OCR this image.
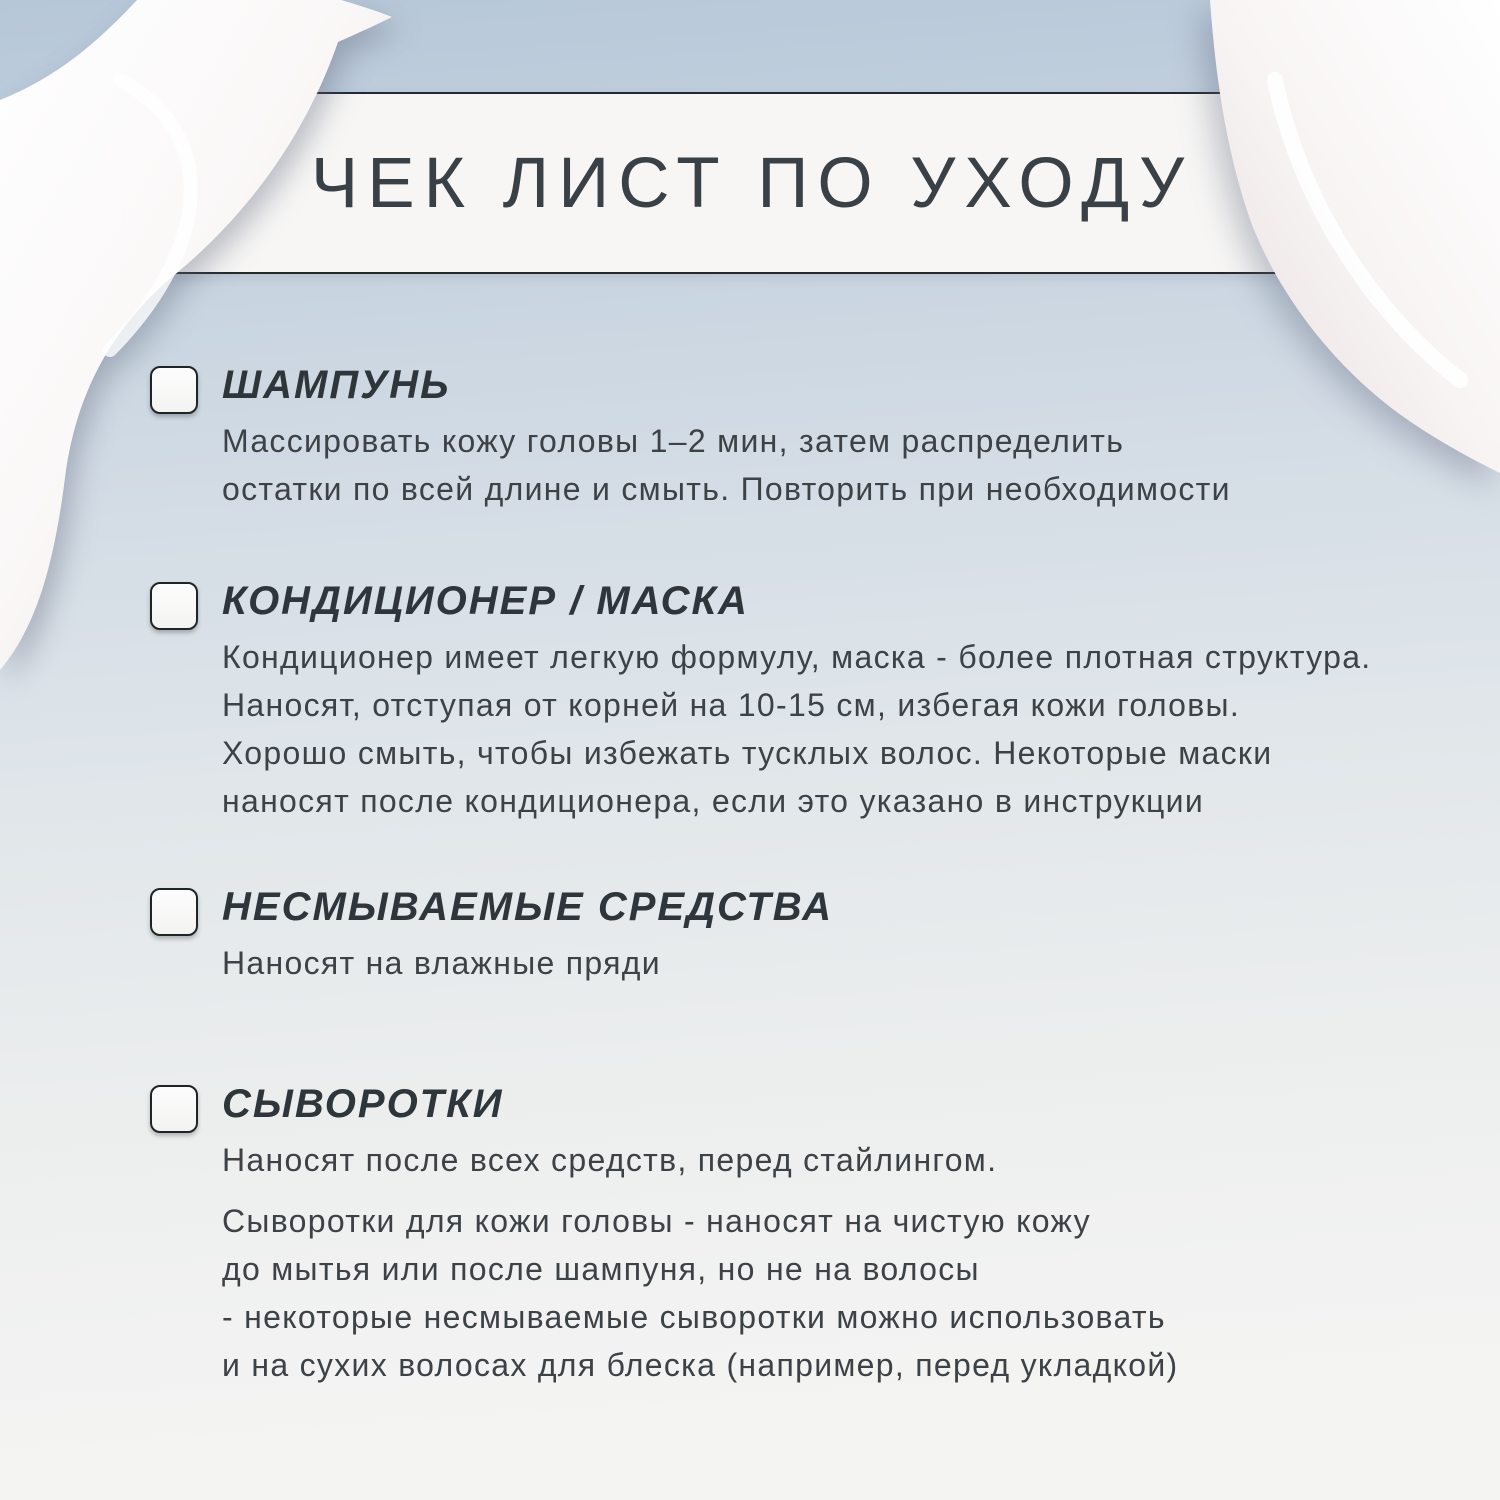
ЧЕК ЛИСТ ПО УХОДУ
ШАМПУНЬ
Массировать кожу головы 1–2 мин, затем распределить
остатки по всей длине и смыть. Повторить при необходимости
КОНДИЦИОНЕР / МАСКА
Кондиционер имеет легкую формулу, маска - более плотная структура.
Наносят, отступая от корней на 10-15 см, избегая кожи головы.
Хорошо смыть, чтобы избежать тусклых волос. Некоторые маски
наносят после кондиционера, если это указано в инструкции
НЕСМЫВАЕМЫЕ СРЕДСТВА
Наносят на влажные пряди
СЫВОРОТКИ
Наносят после всех средств, перед стайлингом.
Сыворотки для кожи головы - наносят на чистую кожу
до мытья или после шампуня, но не на волосы
- некоторые несмываемые сыворотки можно использовать
и на сухих волосах для блеска (например, перед укладкой)
